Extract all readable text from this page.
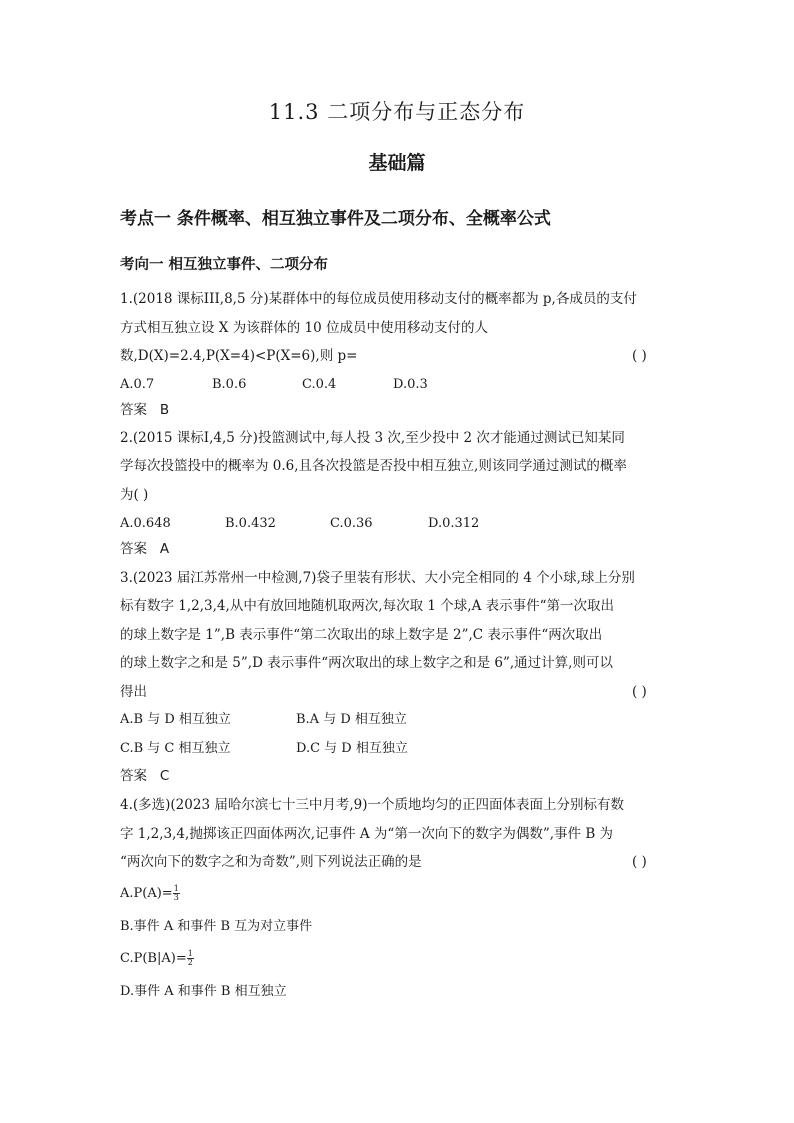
11.3 二项分布与正态分布
基础篇
考点一 条件概率、相互独立事件及二项分布、全概率公式
考向一 相互独立事件、二项分布
1.(2018 课标III,8,5 分)某群体中的每位成员使用移动支付的概率都为 p,各成员的支付
方式相互独立设 X 为该群体的 10 位成员中使用移动支付的人
数,D(X)=2.4,P(X=4)<P(X=6),则 p=	( )
A.0.7	B.0.6	C.0.4	D.0.3
答案 B
2.(2015 课标Ⅰ,4,5 分)投篮测试中,每人投 3 次,至少投中 2 次才能通过测试已知某同
学每次投篮投中的概率为 0.6,且各次投篮是否投中相互独立,则该同学通过测试的概率
为( )
A.0.648	B.0.432	C.0.36	D.0.312
答案 A
3.(2023 届江苏常州一中检测,7)袋子里装有形状、大小完全相同的 4 个小球,球上分别
标有数字 1,2,3,4,从中有放回地随机取两次,每次取 1 个球,A 表示事件“第一次取出
的球上数字是 1”,B 表示事件“第二次取出的球上数字是 2”,C 表示事件“两次取出
的球上数字之和是 5”,D 表示事件“两次取出的球上数字之和是 6”,通过计算,则可以
得出	( )
A.B 与 D 相互独立	B.A 与 D 相互独立
C.B 与 C 相互独立	D.C 与 D 相互独立
答案 C
4.(多选)(2023 届哈尔滨七十三中月考,9)一个质地均匀的正四面体表面上分别标有数
字 1,2,3,4,抛掷该正四面体两次,记事件 A 为“第一次向下的数字为偶数”,事件 B 为
“两次向下的数字之和为奇数”,则下列说法正确的是	( )
$A.P(A)= \frac{1}{3}$
B.事件 A 和事件 B 互为对立事件
$C.P(B|A)= \frac{1}{2}$
D.事件 A 和事件 B 相互独立
